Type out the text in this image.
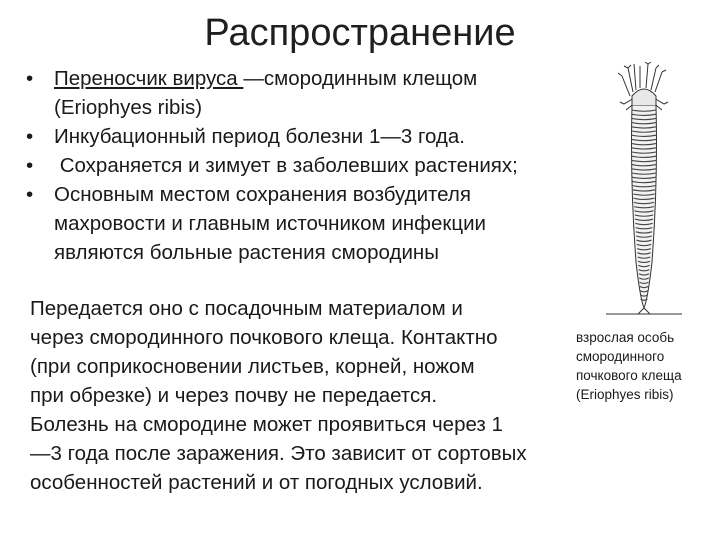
Распространение
•	Переносчик вируса —смородинным клещом
(Eriophyes ribis)
•	Инкубационный период болезни 1—3 года.
•	Сохраняется и зимует в заболевших растениях;
•	Основным местом сохранения возбудителя
махровости и главным источником инфекции
являются больные растения смородины

Передается оно с посадочным материалом и
через смородинного почкового клеща. Контактно
(при соприкосновении листьев, корней, ножом
при обрезке) и через почву не передается.
Болезнь на смородине может проявиться через 1
—3 года после заражения. Это зависит от сортовых
особенностей растений и от погодных условий.

взрослая особь
смородинного
почкового клеща
(Eriophyes ribis)
